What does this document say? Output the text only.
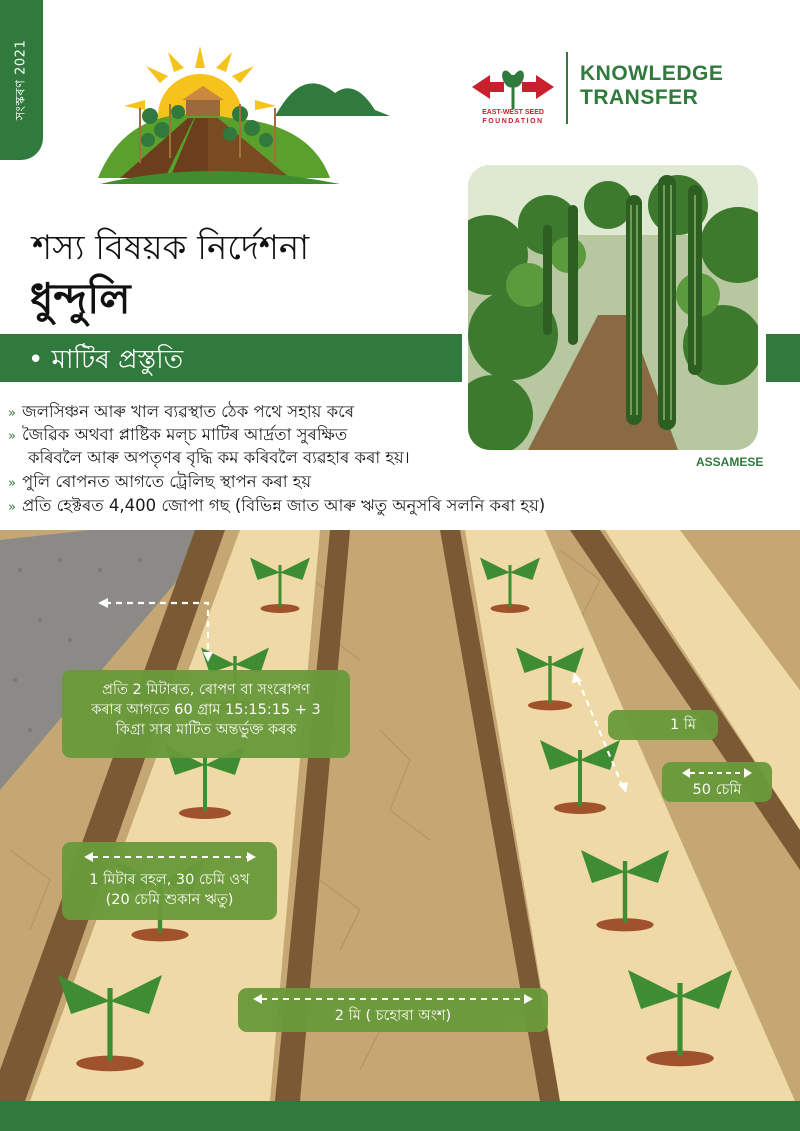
সংস্কৰণ 2021	EAST-WEST SEED
FOUNDATION
KNOWLEDGE
TRANSFER
শস্য বিষয়ক নিৰ্দেশনা
ধুন্দুলি
• মাটিৰ প্ৰস্তুতি
ASSAMESE
» জলসিঞ্চন আৰু খাল ব্যৱস্থাত ঠেক পথে সহায় কৰে
» জৈৱিক অথবা প্লাষ্টিক মল্চ মাটিৰ আৰ্দ্ৰতা সুৰক্ষিত
কৰিবলৈ আৰু অপতৃণৰ বৃদ্ধি কম কৰিবলৈ ব্যৱহাৰ কৰা হয়।
» পুলি ৰোপনত আগতে ট্ৰেলিছ স্থাপন কৰা হয়
» প্ৰতি হেক্টৰত 4,400 জোপা গছ (বিভিন্ন জাত আৰু ঋতু অনুসৰি সলনি কৰা হয়)
প্ৰতি 2 মিটাৰত, ৰোপণ বা সংৰোপণ
কৰাৰ আগতে 60 গ্ৰাম 15:15:15 + 3
কিগ্ৰা সাৰ মাটিত অন্তৰ্ভুক্ত কৰক
1 মিটাৰ বহল, 30 চেমি ওখ
(20 চেমি শুকান ঋতু)
1 মি
50 চেমি
2 মি ( চহোৰা অংশ)
